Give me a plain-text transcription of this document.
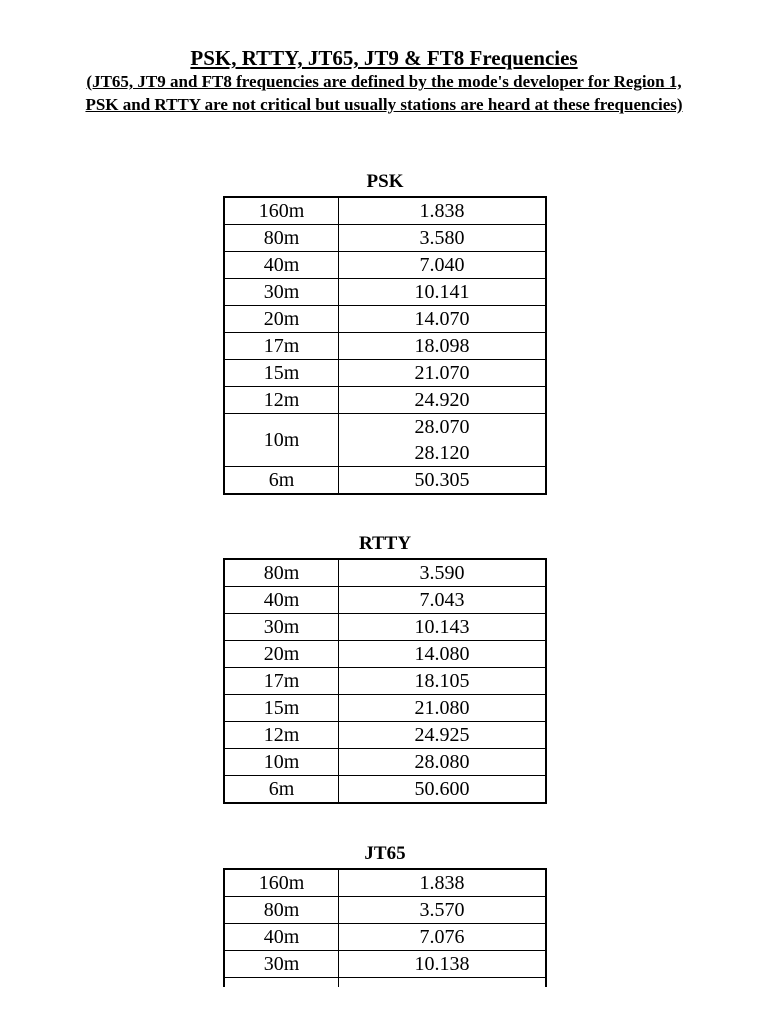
PSK, RTTY, JT65, JT9 & FT8 Frequencies
(JT65, JT9 and FT8 frequencies are defined by the mode's developer for Region 1,
PSK and RTTY are not critical but usually stations are heard at these frequencies)
PSK
160m	1.838

80m	3.580

40m	7.040

30m	10.141

20m	14.070

17m	18.098

15m	21.070

12m	24.920

10m	28.070
28.120

6m	50.305
RTTY
80m	3.590

40m	7.043

30m	10.143

20m	14.080

17m	18.105

15m	21.080

12m	24.925

10m	28.080

6m	50.600
JT65
160m	1.838

80m	3.570

40m	7.076

30m	10.138
